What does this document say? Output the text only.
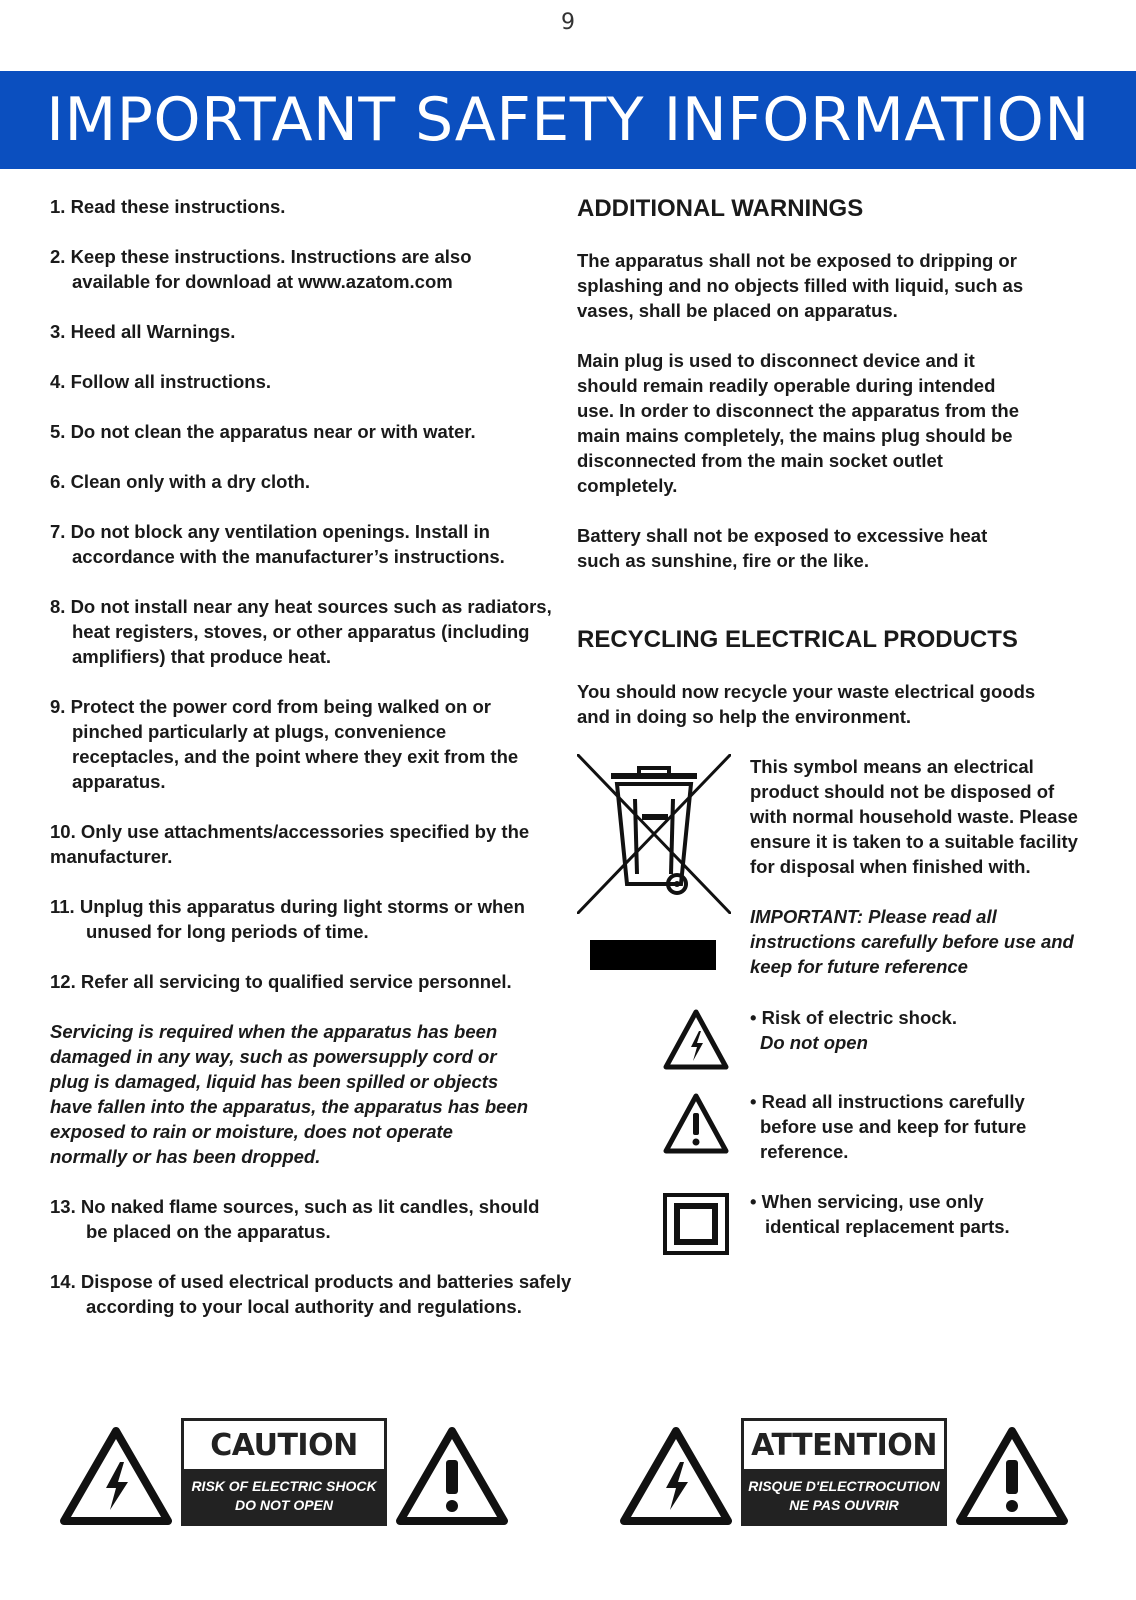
9
IMPORTANT SAFETY INFORMATION

1. Read these instructions.

2. Keep these instructions. Instructions are also available for download at www.azatom.com

3. Heed all Warnings.

4. Follow all instructions.

5. Do not clean the apparatus near or with water.

6. Clean only with a dry cloth.

7. Do not block any ventilation openings. Install in accordance with the manufacturer’s instructions.

8. Do not install near any heat sources such as radiators, heat registers, stoves, or other apparatus (including amplifiers) that produce heat.

9. Protect the power cord from being walked on or pinched particularly at plugs, convenience receptacles, and the point where they exit from the apparatus.

10. Only use attachments/accessories specified by the manufacturer.

11. Unplug this apparatus during light storms or when unused for long periods of time.

12. Refer all servicing to qualified service personnel.

Servicing is required when the apparatus has been damaged in any way, such as powersupply cord or plug is damaged, liquid has been spilled or objects have fallen into the apparatus, the apparatus has been exposed to rain or moisture, does not operate normally or has been dropped.

13. No naked flame sources, such as lit candles, should be placed on the apparatus.

14. Dispose of used electrical products and batteries safely according to your local authority and regulations.

ADDITIONAL WARNINGS

The apparatus shall not be exposed to dripping or splashing and no objects filled with liquid, such as vases, shall be placed on apparatus.

Main plug is used to disconnect device and it should remain readily operable during intended use. In order to disconnect the apparatus from the main mains completely, the mains plug should be disconnected from the main socket outlet completely.

Battery shall not be exposed to excessive heat such as sunshine, fire or the like.

RECYCLING ELECTRICAL PRODUCTS

You should now recycle your waste electrical goods and in doing so help the environment.

This symbol means an electrical product should not be disposed of with normal household waste. Please ensure it is taken to a suitable facility for disposal when finished with.
IMPORTANT: Please read all instructions carefully before use and keep for future reference
• Risk of electric shock.
Do not open
• Read all instructions carefully
before use and keep for future
reference.
• When servicing, use only
identical replacement parts.
CAUTION
RISK OF ELECTRIC SHOCK
DO NOT OPEN
ATTENTION
RISQUE D'ELECTROCUTION
NE PAS OUVRIR
